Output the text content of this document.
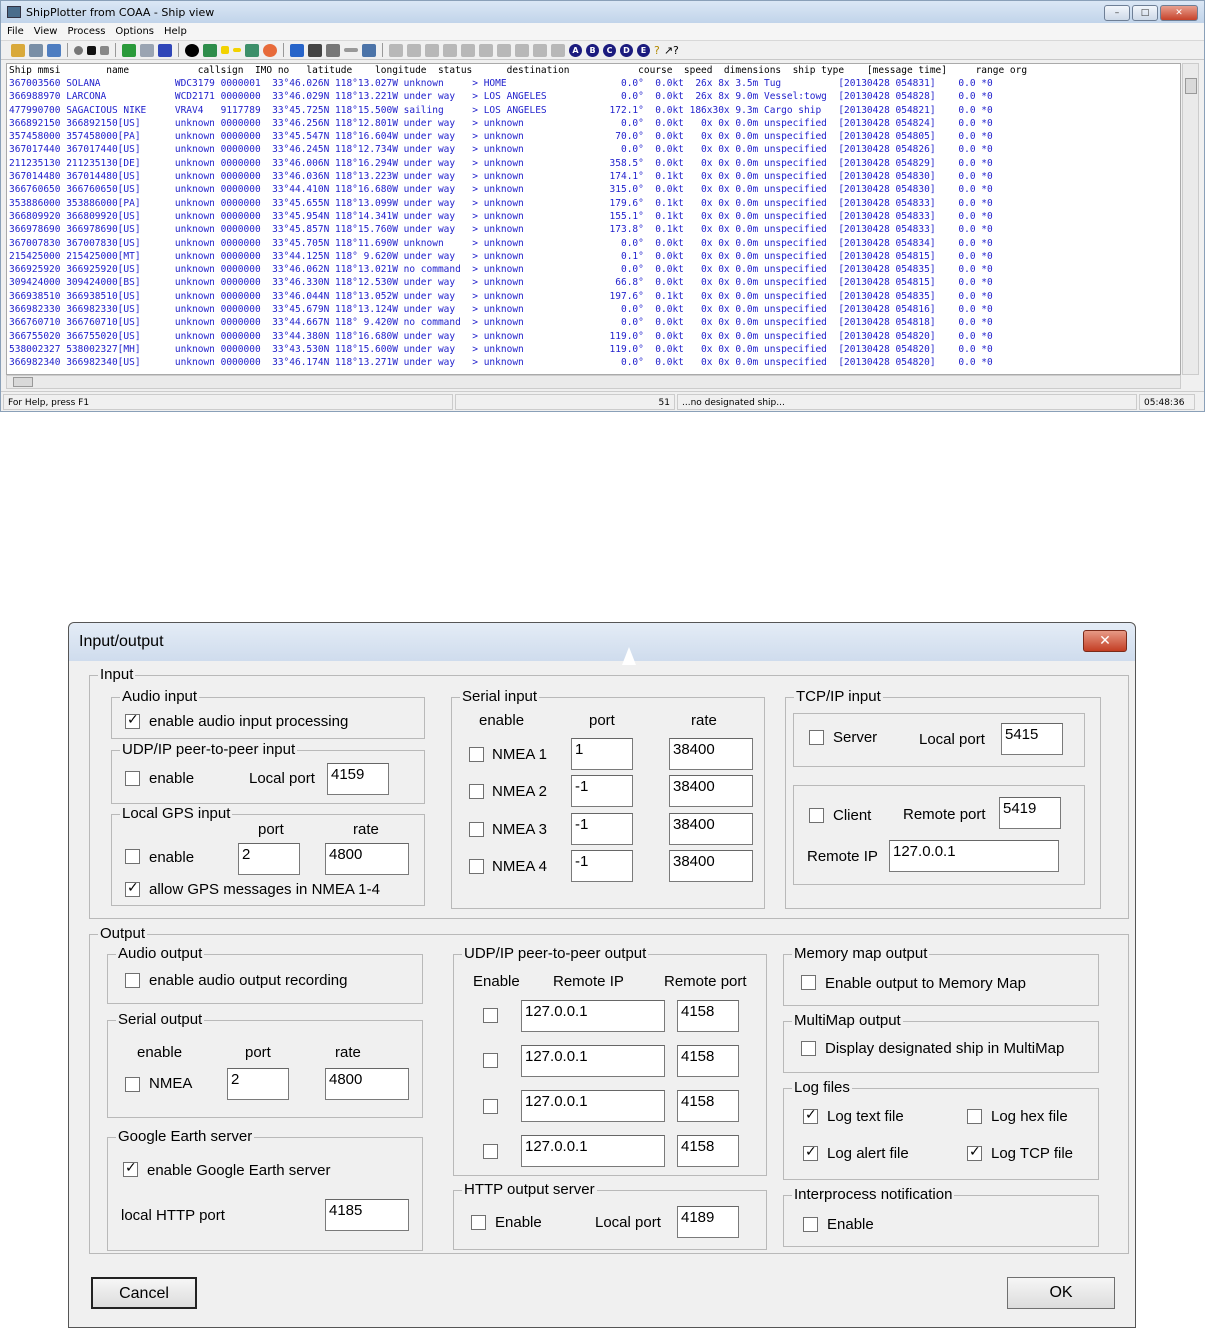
ShipPlotter from COAA - Ship view	–	□	✕
File View Process Options Help
A	B	C	D	E ? ↗?
Ship mmsi        name            callsign  IMO no   latitude    longitude  status      destination            course  speed  dimensions  ship type    [message time]     range org
367003560 SOLANA             WDC3179 0000001  33°46.026N 118°13.027W unknown     > HOME                    0.0°  0.0kt  26x 8x 3.5m Tug          [20130428 054831]    0.0 *0
366988970 LARCONA            WCD2171 0000000  33°46.029N 118°13.221W under way   > LOS ANGELES             0.0°  0.0kt  26x 8x 9.0m Vessel:towg  [20130428 054828]    0.0 *0
477990700 SAGACIOUS NIKE     VRAV4   9117789  33°45.725N 118°15.500W sailing     > LOS ANGELES           172.1°  0.0kt 186x30x 9.3m Cargo ship   [20130428 054821]    0.0 *0
366892150 366892150[US]      unknown 0000000  33°46.256N 118°12.801W under way   > unknown                 0.0°  0.0kt   0x 0x 0.0m unspecified  [20130428 054824]    0.0 *0
357458000 357458000[PA]      unknown 0000000  33°45.547N 118°16.604W under way   > unknown                70.0°  0.0kt   0x 0x 0.0m unspecified  [20130428 054805]    0.0 *0
367017440 367017440[US]      unknown 0000000  33°46.245N 118°12.734W under way   > unknown                 0.0°  0.0kt   0x 0x 0.0m unspecified  [20130428 054826]    0.0 *0
211235130 211235130[DE]      unknown 0000000  33°46.006N 118°16.294W under way   > unknown               358.5°  0.0kt   0x 0x 0.0m unspecified  [20130428 054829]    0.0 *0
367014480 367014480[US]      unknown 0000000  33°46.036N 118°13.223W under way   > unknown               174.1°  0.1kt   0x 0x 0.0m unspecified  [20130428 054830]    0.0 *0
366760650 366760650[US]      unknown 0000000  33°44.410N 118°16.680W under way   > unknown               315.0°  0.0kt   0x 0x 0.0m unspecified  [20130428 054830]    0.0 *0
353886000 353886000[PA]      unknown 0000000  33°45.655N 118°13.099W under way   > unknown               179.6°  0.1kt   0x 0x 0.0m unspecified  [20130428 054833]    0.0 *0
366809920 366809920[US]      unknown 0000000  33°45.954N 118°14.341W under way   > unknown               155.1°  0.1kt   0x 0x 0.0m unspecified  [20130428 054833]    0.0 *0
366978690 366978690[US]      unknown 0000000  33°45.857N 118°15.760W under way   > unknown               173.8°  0.1kt   0x 0x 0.0m unspecified  [20130428 054833]    0.0 *0
367007830 367007830[US]      unknown 0000000  33°45.705N 118°11.690W unknown     > unknown                 0.0°  0.0kt   0x 0x 0.0m unspecified  [20130428 054834]    0.0 *0
215425000 215425000[MT]      unknown 0000000  33°44.125N 118° 9.620W under way   > unknown                 0.1°  0.0kt   0x 0x 0.0m unspecified  [20130428 054815]    0.0 *0
366925920 366925920[US]      unknown 0000000  33°46.062N 118°13.021W no command  > unknown                 0.0°  0.0kt   0x 0x 0.0m unspecified  [20130428 054835]    0.0 *0
309424000 309424000[BS]      unknown 0000000  33°46.330N 118°12.530W under way   > unknown                66.8°  0.0kt   0x 0x 0.0m unspecified  [20130428 054815]    0.0 *0
366938510 366938510[US]      unknown 0000000  33°46.044N 118°13.052W under way   > unknown               197.6°  0.1kt   0x 0x 0.0m unspecified  [20130428 054835]    0.0 *0
366982330 366982330[US]      unknown 0000000  33°45.679N 118°13.124W under way   > unknown                 0.0°  0.0kt   0x 0x 0.0m unspecified  [20130428 054816]    0.0 *0
366760710 366760710[US]      unknown 0000000  33°44.667N 118° 9.420W no command  > unknown                 0.0°  0.0kt   0x 0x 0.0m unspecified  [20130428 054818]    0.0 *0
366755020 366755020[US]      unknown 0000000  33°44.380N 118°16.680W under way   > unknown               119.0°  0.0kt   0x 0x 0.0m unspecified  [20130428 054820]    0.0 *0
538002327 538002327[MH]      unknown 0000000  33°43.530N 118°15.600W under way   > unknown               119.0°  0.0kt   0x 0x 0.0m unspecified  [20130428 054820]    0.0 *0
366982340 366982340[US]      unknown 0000000  33°46.174N 118°13.271W under way   > unknown                 0.0°  0.0kt   0x 0x 0.0m unspecified  [20130428 054820]    0.0 *0
For Help, press F1	51	...no designated ship...	05:48:36
Input/output	✕
Input
Audio input
✓ enable audio input processing
UDP/IP peer-to-peer input
enable	Local port 4159
Local GPS input
port	rate
enable	2	4800
✓ allow GPS messages in NMEA 1-4
Serial input
enable	port	rate
NMEA 1 1	38400
NMEA 2 -1	38400
NMEA 3 -1	38400
NMEA 4 -1	38400
TCP/IP input
Server	Local port 5415
Client Remote port 5419
Remote IP 127.0.0.1
Output
Audio output
enable audio output recording
Serial output
enable	port	rate
NMEA	2	4800
Google Earth server
✓ enable Google Earth server
local HTTP port	4185
UDP/IP peer-to-peer output
Enable Remote IP	Remote port
127.0.0.1	4158
127.0.0.1	4158
127.0.0.1	4158
127.0.0.1	4158
HTTP output server
Enable	Local port 4189
Memory map output
Enable output to Memory Map
MultiMap output
Display designated ship in MultiMap
Log files
✓ Log text file	Log hex file
✓ Log alert file	✓ Log TCP file
Interprocess notification
Enable
Cancel	OK
